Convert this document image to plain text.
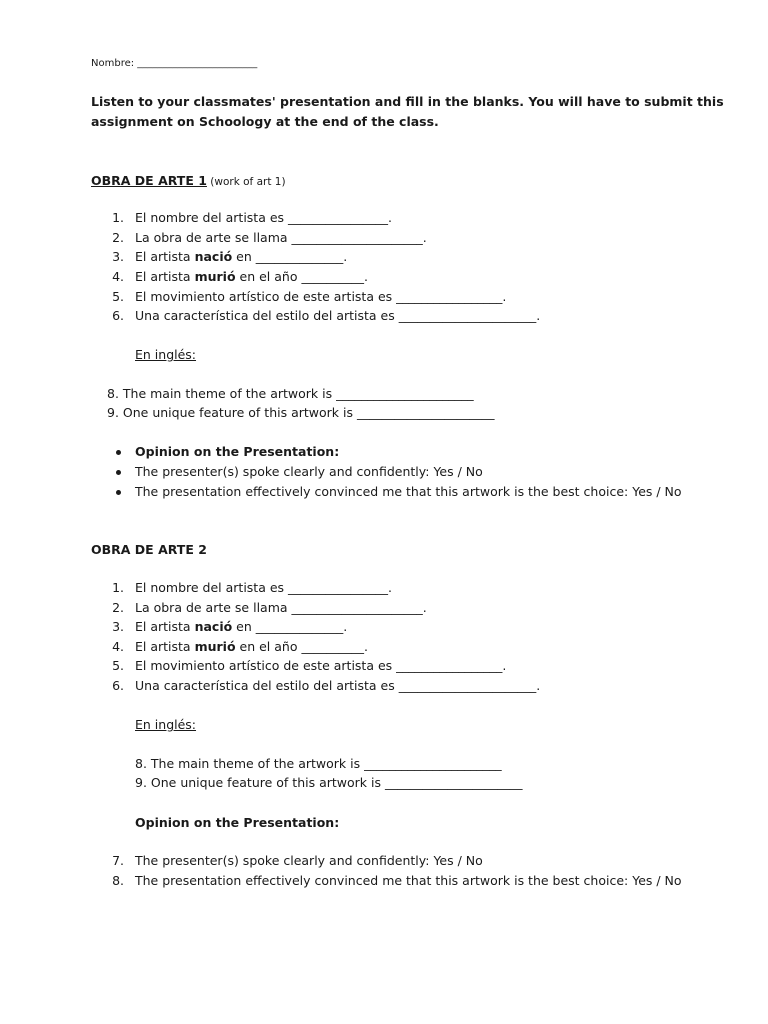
Nombre: ________________________
Listen to your classmates' presentation and fill in the blanks. You will have to submit this
assignment on Schoology at the end of the class.
OBRA DE ARTE 1 (work of art 1)
1. El nombre del artista es ________________.
2. La obra de arte se llama _____________________.
3. El artista nació en ______________.
4. El artista murió en el año __________.
5. El movimiento artístico de este artista es _________________.
6. Una característica del estilo del artista es ______________________.
En inglés:
8. The main theme of the artwork is ______________________
9. One unique feature of this artwork is ______________________
Opinion on the Presentation:
The presenter(s) spoke clearly and confidently: Yes / No
The presentation effectively convinced me that this artwork is the best choice: Yes / No
OBRA DE ARTE 2
1. El nombre del artista es ________________.
2. La obra de arte se llama _____________________.
3. El artista nació en ______________.
4. El artista murió en el año __________.
5. El movimiento artístico de este artista es _________________.
6. Una característica del estilo del artista es ______________________.
En inglés:
8. The main theme of the artwork is ______________________
9. One unique feature of this artwork is ______________________
Opinion on the Presentation:
7. The presenter(s) spoke clearly and confidently: Yes / No
8. The presentation effectively convinced me that this artwork is the best choice: Yes / No
